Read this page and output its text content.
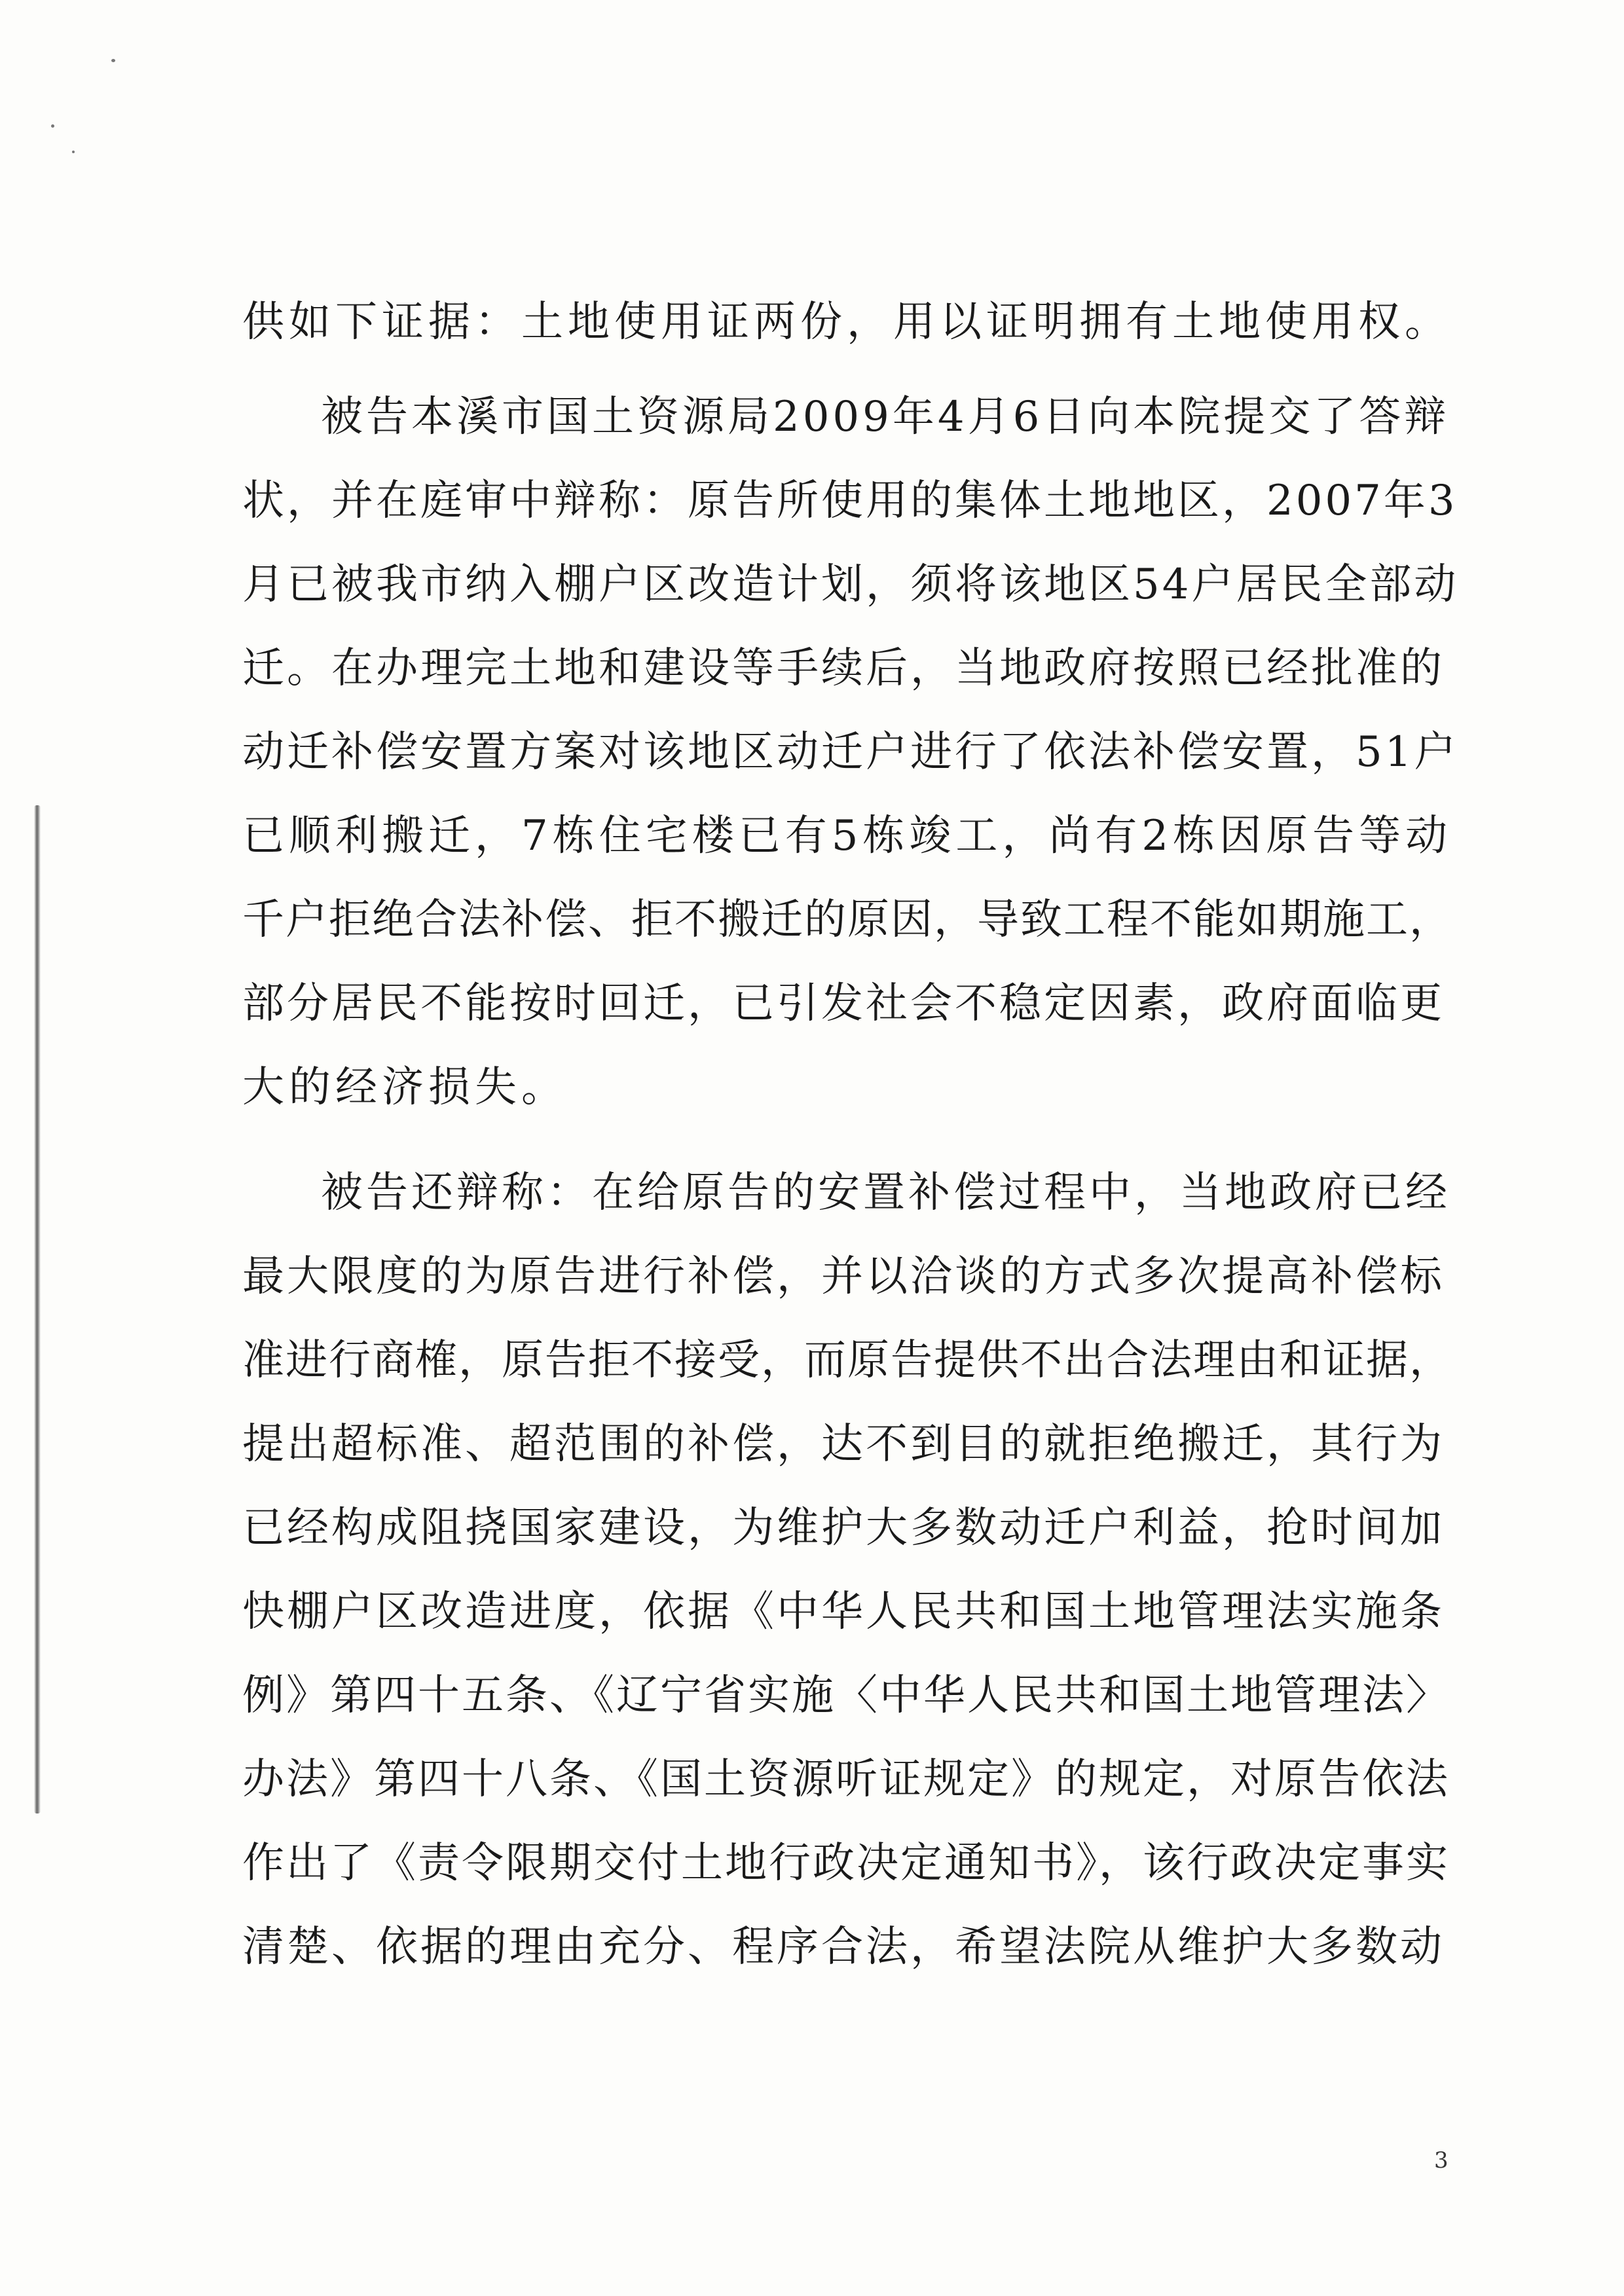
供如下证据：土地使用证两份，用以证明拥有土地使用权。
被告本溪市国土资源局2009年4月6日向本院提交了答辩
状，并在庭审中辩称：原告所使用的集体土地地区，2007年3
月已被我市纳入棚户区改造计划，须将该地区54户居民全部动
迁。在办理完土地和建设等手续后，当地政府按照已经批准的
动迁补偿安置方案对该地区动迁户进行了依法补偿安置，51户
已顺利搬迁，7栋住宅楼已有5栋竣工，尚有2栋因原告等动
千户拒绝合法补偿、拒不搬迁的原因，导致工程不能如期施工，
部分居民不能按时回迁，已引发社会不稳定因素，政府面临更
大的经济损失。
被告还辩称：在给原告的安置补偿过程中，当地政府已经
最大限度的为原告进行补偿，并以洽谈的方式多次提高补偿标
准进行商榷，原告拒不接受，而原告提供不出合法理由和证据，
提出超标准、超范围的补偿，达不到目的就拒绝搬迁，其行为
已经构成阻挠国家建设，为维护大多数动迁户利益，抢时间加
快棚户区改造进度，依据《中华人民共和国土地管理法实施条
例》第四十五条、《辽宁省实施〈中华人民共和国土地管理法〉
办法》第四十八条、《国土资源听证规定》的规定，对原告依法
作出了《责令限期交付土地行政决定通知书》，该行政决定事实
清楚、依据的理由充分、程序合法，希望法院从维护大多数动
3
